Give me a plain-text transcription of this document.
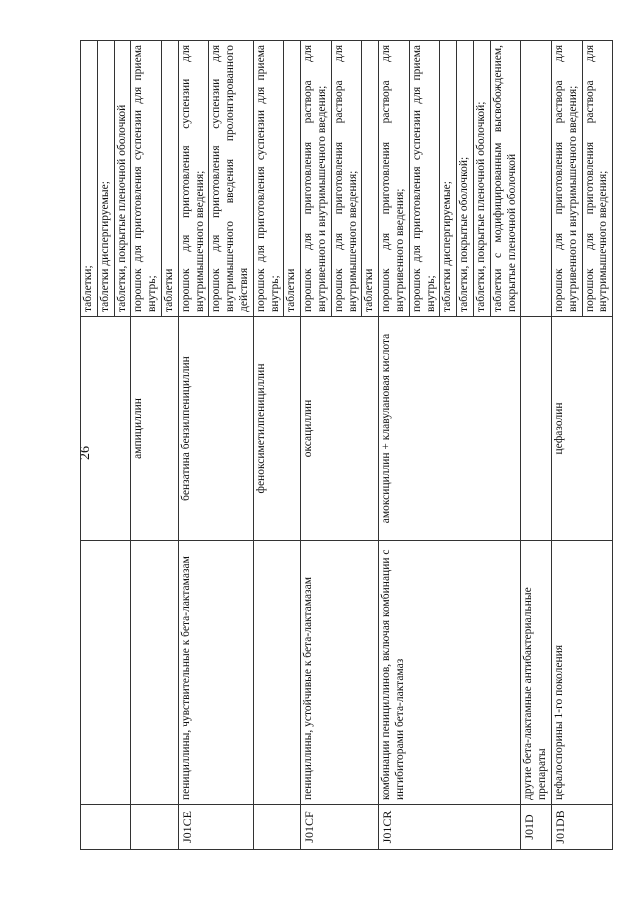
26
			таблетки;
			таблетки диспергируемые;
			таблетки, покрытые пленочной оболочкой
		ампициллин	порошок для приготовления суспензии для приема внутрь;
			таблетки
J01CE	пенициллины, чувствительные к бета-лактамазам	бензатина бензилпенициллин	порошок для приготовления суспензии для внутримышечного введения;
			порошок для приготовления суспензии для внутримышечного введения пролонгированного действия
		феноксиметилпенициллин	порошок для приготовления суспензии для приема внутрь;
			таблетки
J01CF	пенициллины, устойчивые к бета-лактамазам	оксациллин	порошок для приготовления раствора для внутривенного и внутримышечного введения;
			порошок для приготовления раствора для внутримышечного введения;
			таблетки
J01CR	комбинации пенициллинов, включая комбинации с ингибиторами бета-лактамаз	амоксициллин + клавулановая кислота	порошок для приготовления раствора для внутривенного введения;
			порошок для приготовления суспензии для приема внутрь;
			таблетки диспергируемые;
			таблетки, покрытые оболочкой;
			таблетки, покрытые пленочной оболочкой;
			таблетки с модифицированным высвобождением, покрытые пленочной оболочкой
J01D	другие бета-лактамные антибактериальные препараты		
J01DB	цефалоспорины 1-го поколения	цефазолин	порошок для приготовления раствора для внутривенного и внутримышечного введения;
			порошок для приготовления раствора для внутримышечного введения;
